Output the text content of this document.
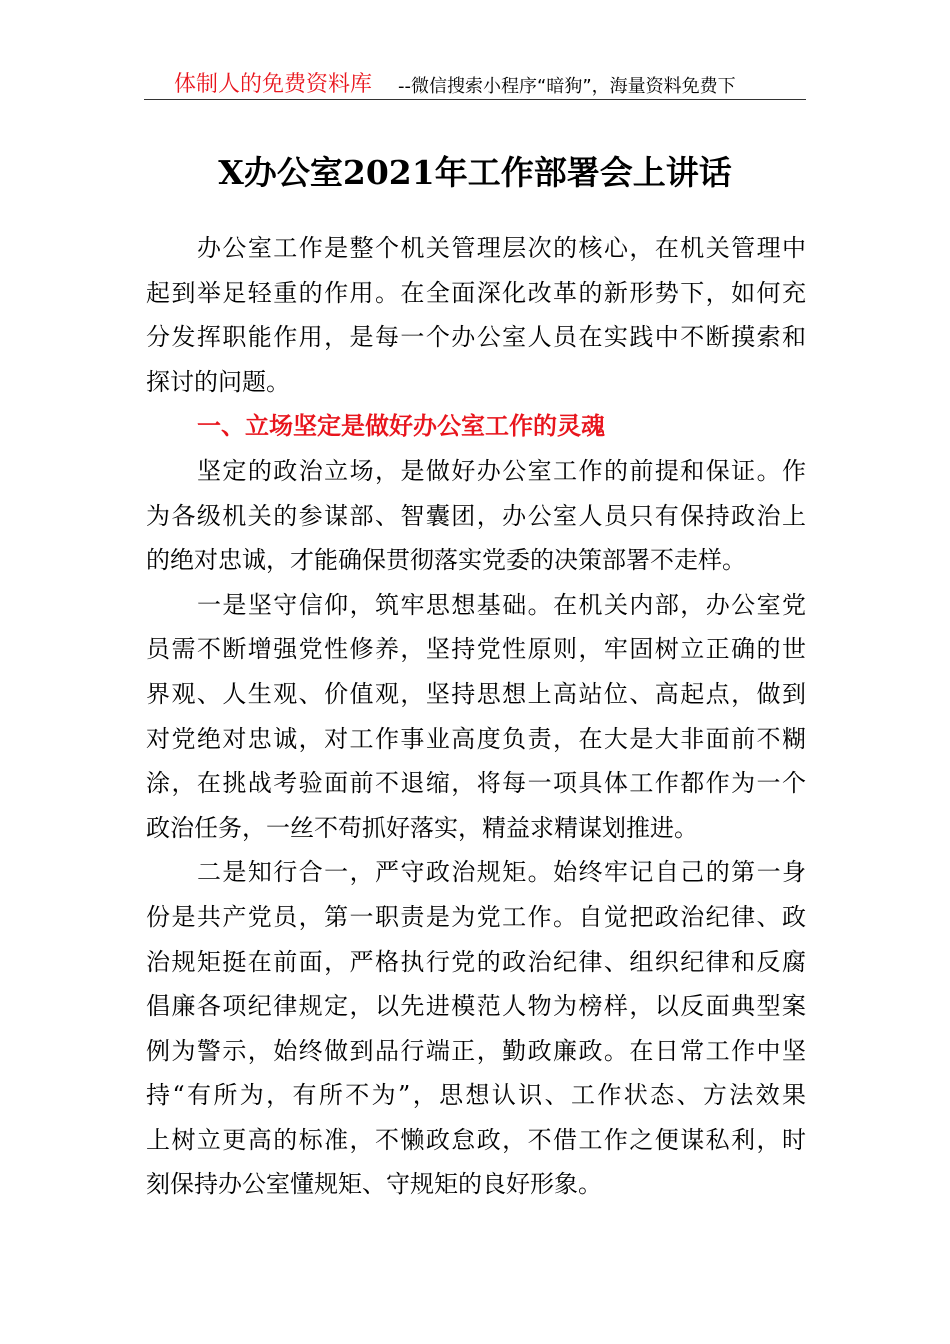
体制人的免费资料库 --微信搜索小程序“暗狗”，海量资料免费下
X办公室2021年工作部署会上讲话
办公室工作是整个机关管理层次的核心，在机关管理中
起到举足轻重的作用。在全面深化改革的新形势下，如何充
分发挥职能作用，是每一个办公室人员在实践中不断摸索和
探讨的问题。
一、立场坚定是做好办公室工作的灵魂
坚定的政治立场，是做好办公室工作的前提和保证。作
为各级机关的参谋部、智囊团，办公室人员只有保持政治上
的绝对忠诚，才能确保贯彻落实党委的决策部署不走样。
一是坚守信仰，筑牢思想基础。在机关内部，办公室党
员需不断增强党性修养，坚持党性原则，牢固树立正确的世
界观、人生观、价值观，坚持思想上高站位、高起点，做到
对党绝对忠诚，对工作事业高度负责，在大是大非面前不糊
涂，在挑战考验面前不退缩，将每一项具体工作都作为一个
政治任务，一丝不苟抓好落实，精益求精谋划推进。
二是知行合一，严守政治规矩。始终牢记自己的第一身
份是共产党员，第一职责是为党工作。自觉把政治纪律、政
治规矩挺在前面，严格执行党的政治纪律、组织纪律和反腐
倡廉各项纪律规定，以先进模范人物为榜样，以反面典型案
例为警示，始终做到品行端正，勤政廉政。在日常工作中坚
持“有所为，有所不为”，思想认识、工作状态、方法效果
上树立更高的标准，不懒政怠政，不借工作之便谋私利，时
刻保持办公室懂规矩、守规矩的良好形象。
